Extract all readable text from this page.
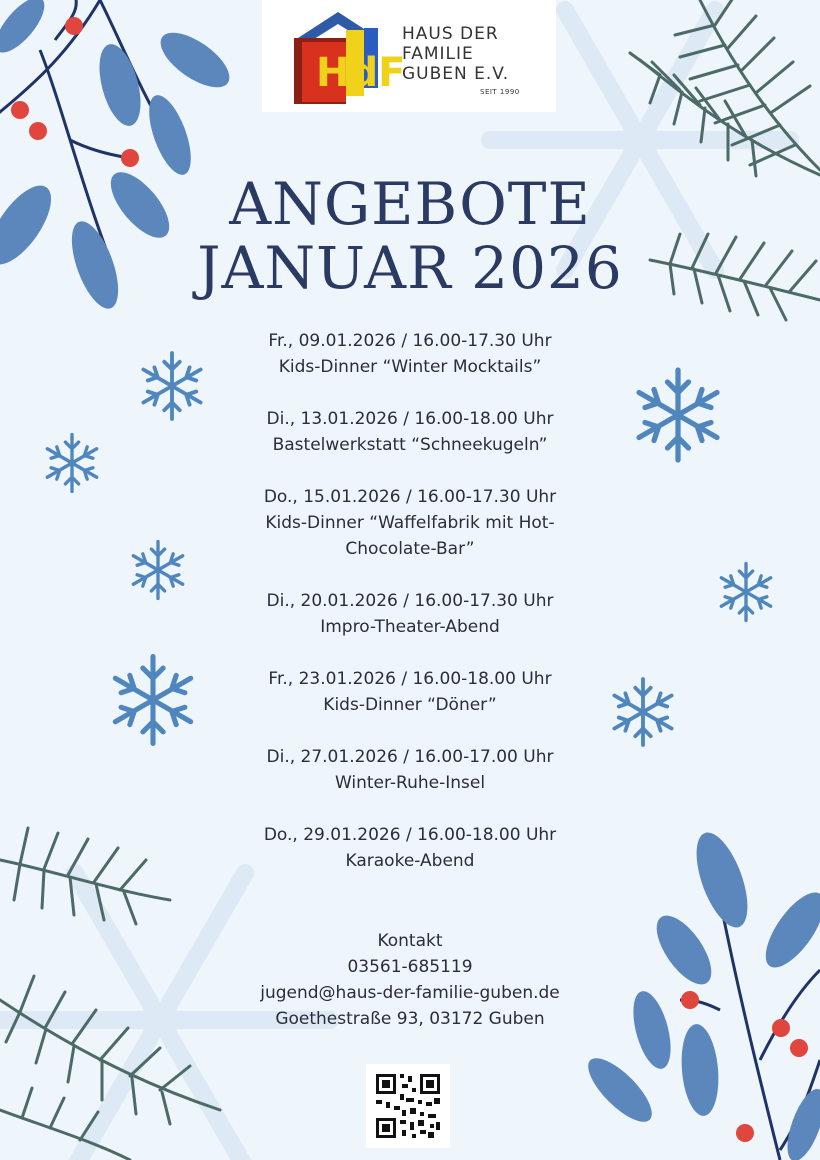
HdF
HAUS DER
FAMILIE
GUBEN E.V.
SEIT 1990
ANGEBOTE
JANUAR 2026
Fr., 09.01.2026 / 16.00-17.30 Uhr
Kids-Dinner “Winter Mocktails”
Di., 13.01.2026 / 16.00-18.00 Uhr
Bastelwerkstatt “Schneekugeln”
Do., 15.01.2026 / 16.00-17.30 Uhr
Kids-Dinner “Waffelfabrik mit Hot-
Chocolate-Bar”
Di., 20.01.2026 / 16.00-17.30 Uhr
Impro-Theater-Abend
Fr., 23.01.2026 / 16.00-18.00 Uhr
Kids-Dinner “Döner”
Di., 27.01.2026 / 16.00-17.00 Uhr
Winter-Ruhe-Insel
Do., 29.01.2026 / 16.00-18.00 Uhr
Karaoke-Abend
Kontakt
03561-685119
jugend@haus-der-familie-guben.de
Goethestraße 93, 03172 Guben
